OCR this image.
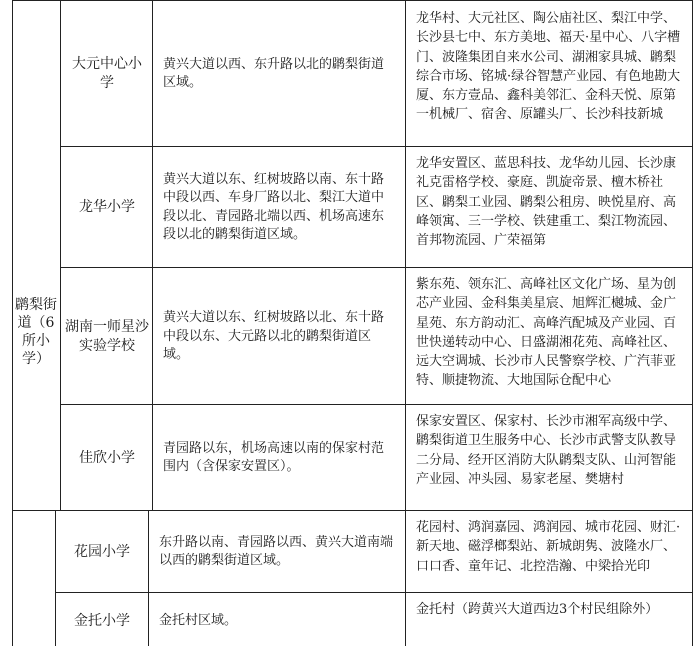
䴙梨街道（6所小学）
大元中心小学
黄兴大道以西、东升路以北的䴙梨街道区域。
龙华村、大元社区、陶公庙社区、梨江中学、长沙县七中、东方美地、福天·星中心、八字槽门、波隆集团自来水公司、湖湘家具城、䴙梨综合市场、铭城·绿谷智慧产业园、有色地勘大厦、东方壹品、鑫科美邻汇、金科天悦、原第一机械厂、宿舍、原罐头厂、长沙科技新城
龙华小学
黄兴大道以东、红树坡路以南、东十路中段以西、车身厂路以北、梨江大道中段以北、青园路北端以西、机场高速东段以北的䴙梨街道区域。
龙华安置区、蓝思科技、龙华幼儿园、长沙康礼克雷格学校、豪庭、凯旋帝景、檀木桥社区、䴙梨工业园、䴙梨公租房、映悦星府、高峰领寓、三一学校、铁建重工、梨江物流园、首邦物流园、广荣福第
湖南一师星沙实验学校
黄兴大道以东、红树坡路以北、东十路中段以东、大元路以北的䴙梨街道区域。
紫东苑、领东汇、高峰社区文化广场、星为创芯产业园、金科集美星宸、旭辉汇樾城、金广星苑、东方韵动汇、高峰汽配城及产业园、百世快递转动中心、日盛湖湘花苑、高峰社区、远大空调城、长沙市人民警察学校、广汽菲亚特、顺捷物流、大地国际仓配中心
佳欣小学
青园路以东，机场高速以南的保家村范围内（含保家安置区）。
保家安置区、保家村、长沙市湘军高级中学、䴙梨街道卫生服务中心、长沙市武警支队教导二分局、经开区消防大队䴙梨支队、山河智能产业园、冲头园、易家老屋、樊塘村
花园小学
东升路以南、青园路以西、黄兴大道南端以西的䴙梨街道区域。
花园村、鸿润嘉园、鸿润园、城市花园、财汇·新天地、磁浮榔梨站、新城朗隽、波隆水厂、口口香、童年记、北控浩瀚、中梁拾光印
金托小学	金托村区域。
金托村（跨黄兴大道西边3个村民组除外）
